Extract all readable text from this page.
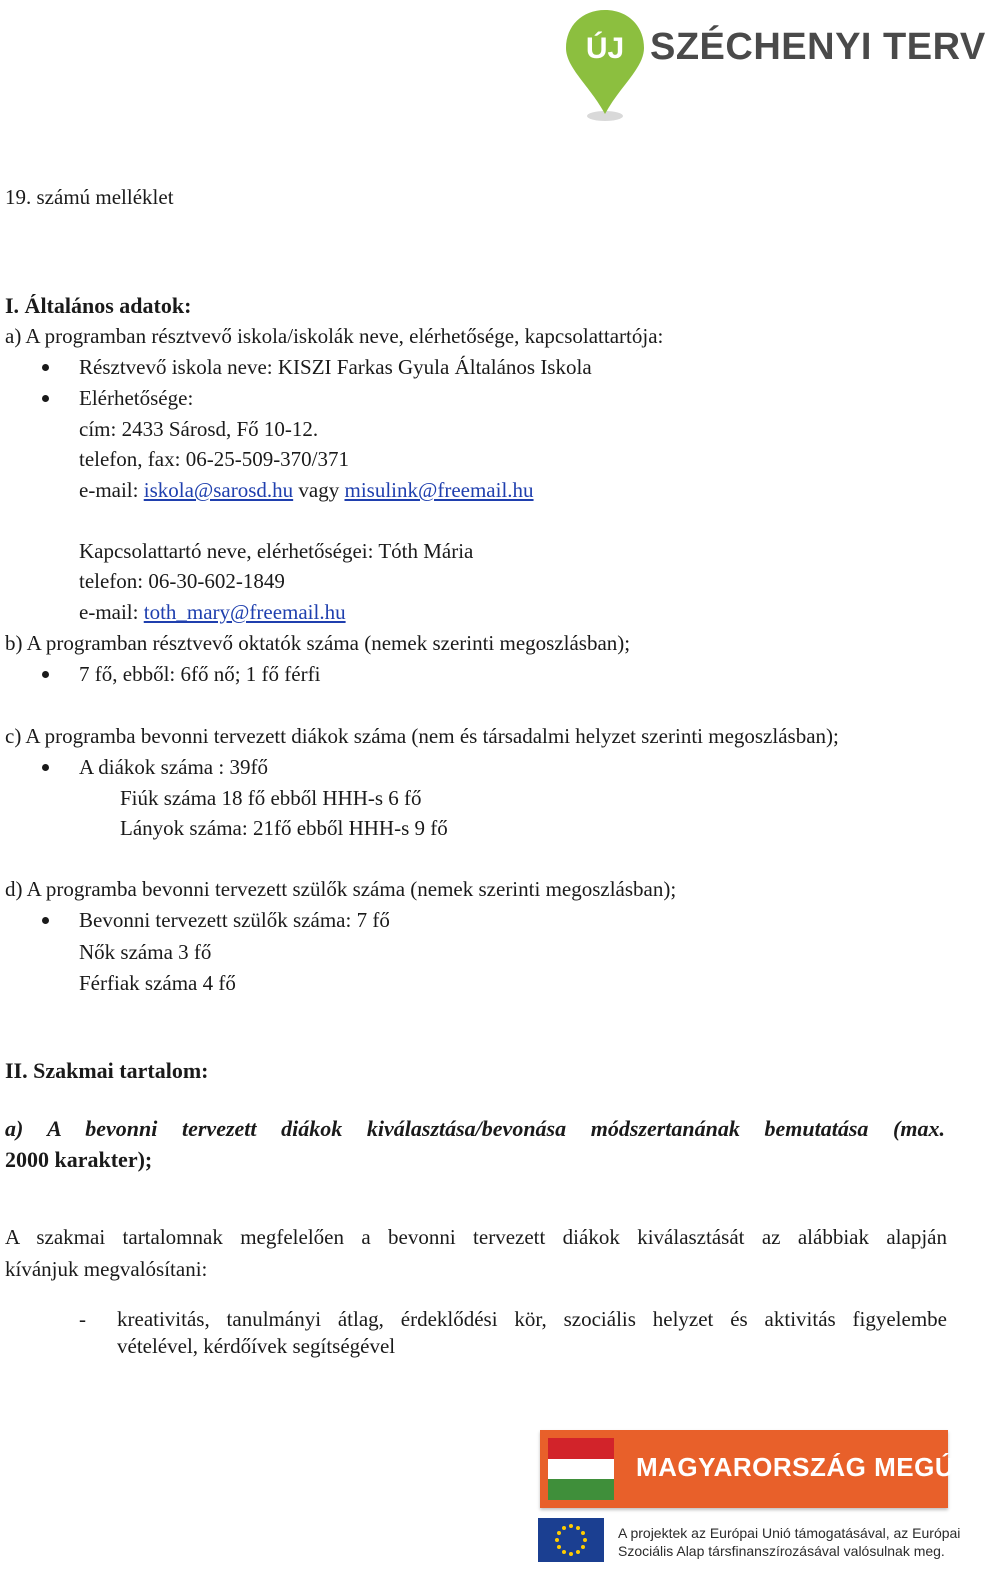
ÚJ SZÉCHENYI TERV
19. számú melléklet
I. Általános adatok:
a) A programban résztvevő iskola/iskolák neve, elérhetősége, kapcsolattartója:
Résztvevő iskola neve: KISZI Farkas Gyula Általános Iskola
Elérhetősége:
cím: 2433 Sárosd, Fő 10-12.
telefon, fax: 06-25-509-370/371
e-mail: iskola@sarosd.hu vagy misulink@freemail.hu
Kapcsolattartó neve, elérhetőségei: Tóth Mária
telefon: 06-30-602-1849
e-mail: toth_mary@freemail.hu
b) A programban résztvevő oktatók száma (nemek szerinti megoszlásban);
7 fő, ebből: 6fő nő; 1 fő férfi
c) A programba bevonni tervezett diákok száma (nem és társadalmi helyzet szerinti megoszlásban);
A diákok száma : 39fő
Fiúk száma 18 fő ebből HHH-s 6 fő
Lányok száma: 21fő ebből HHH-s 9 fő
d) A programba bevonni tervezett szülők száma (nemek szerinti megoszlásban);
Bevonni tervezett szülők száma: 7 fő
Nők száma 3 fő
Férfiak száma 4 fő
II. Szakmai tartalom:
a) A bevonni tervezett diákok kiválasztása/bevonása módszertanának bemutatása (max.
2000 karakter);
A szakmai tartalomnak megfelelően a bevonni tervezett diákok kiválasztását az alábbiak alapján
kívánjuk megvalósítani:
- kreativitás, tanulmányi átlag, érdeklődési kör, szociális helyzet és aktivitás figyelembe
vételével, kérdőívek segítségével
MAGYARORSZÁG MEGÚJUL
A projektek az Európai Unió támogatásával, az Európai
Szociális Alap társfinanszírozásával valósulnak meg.
